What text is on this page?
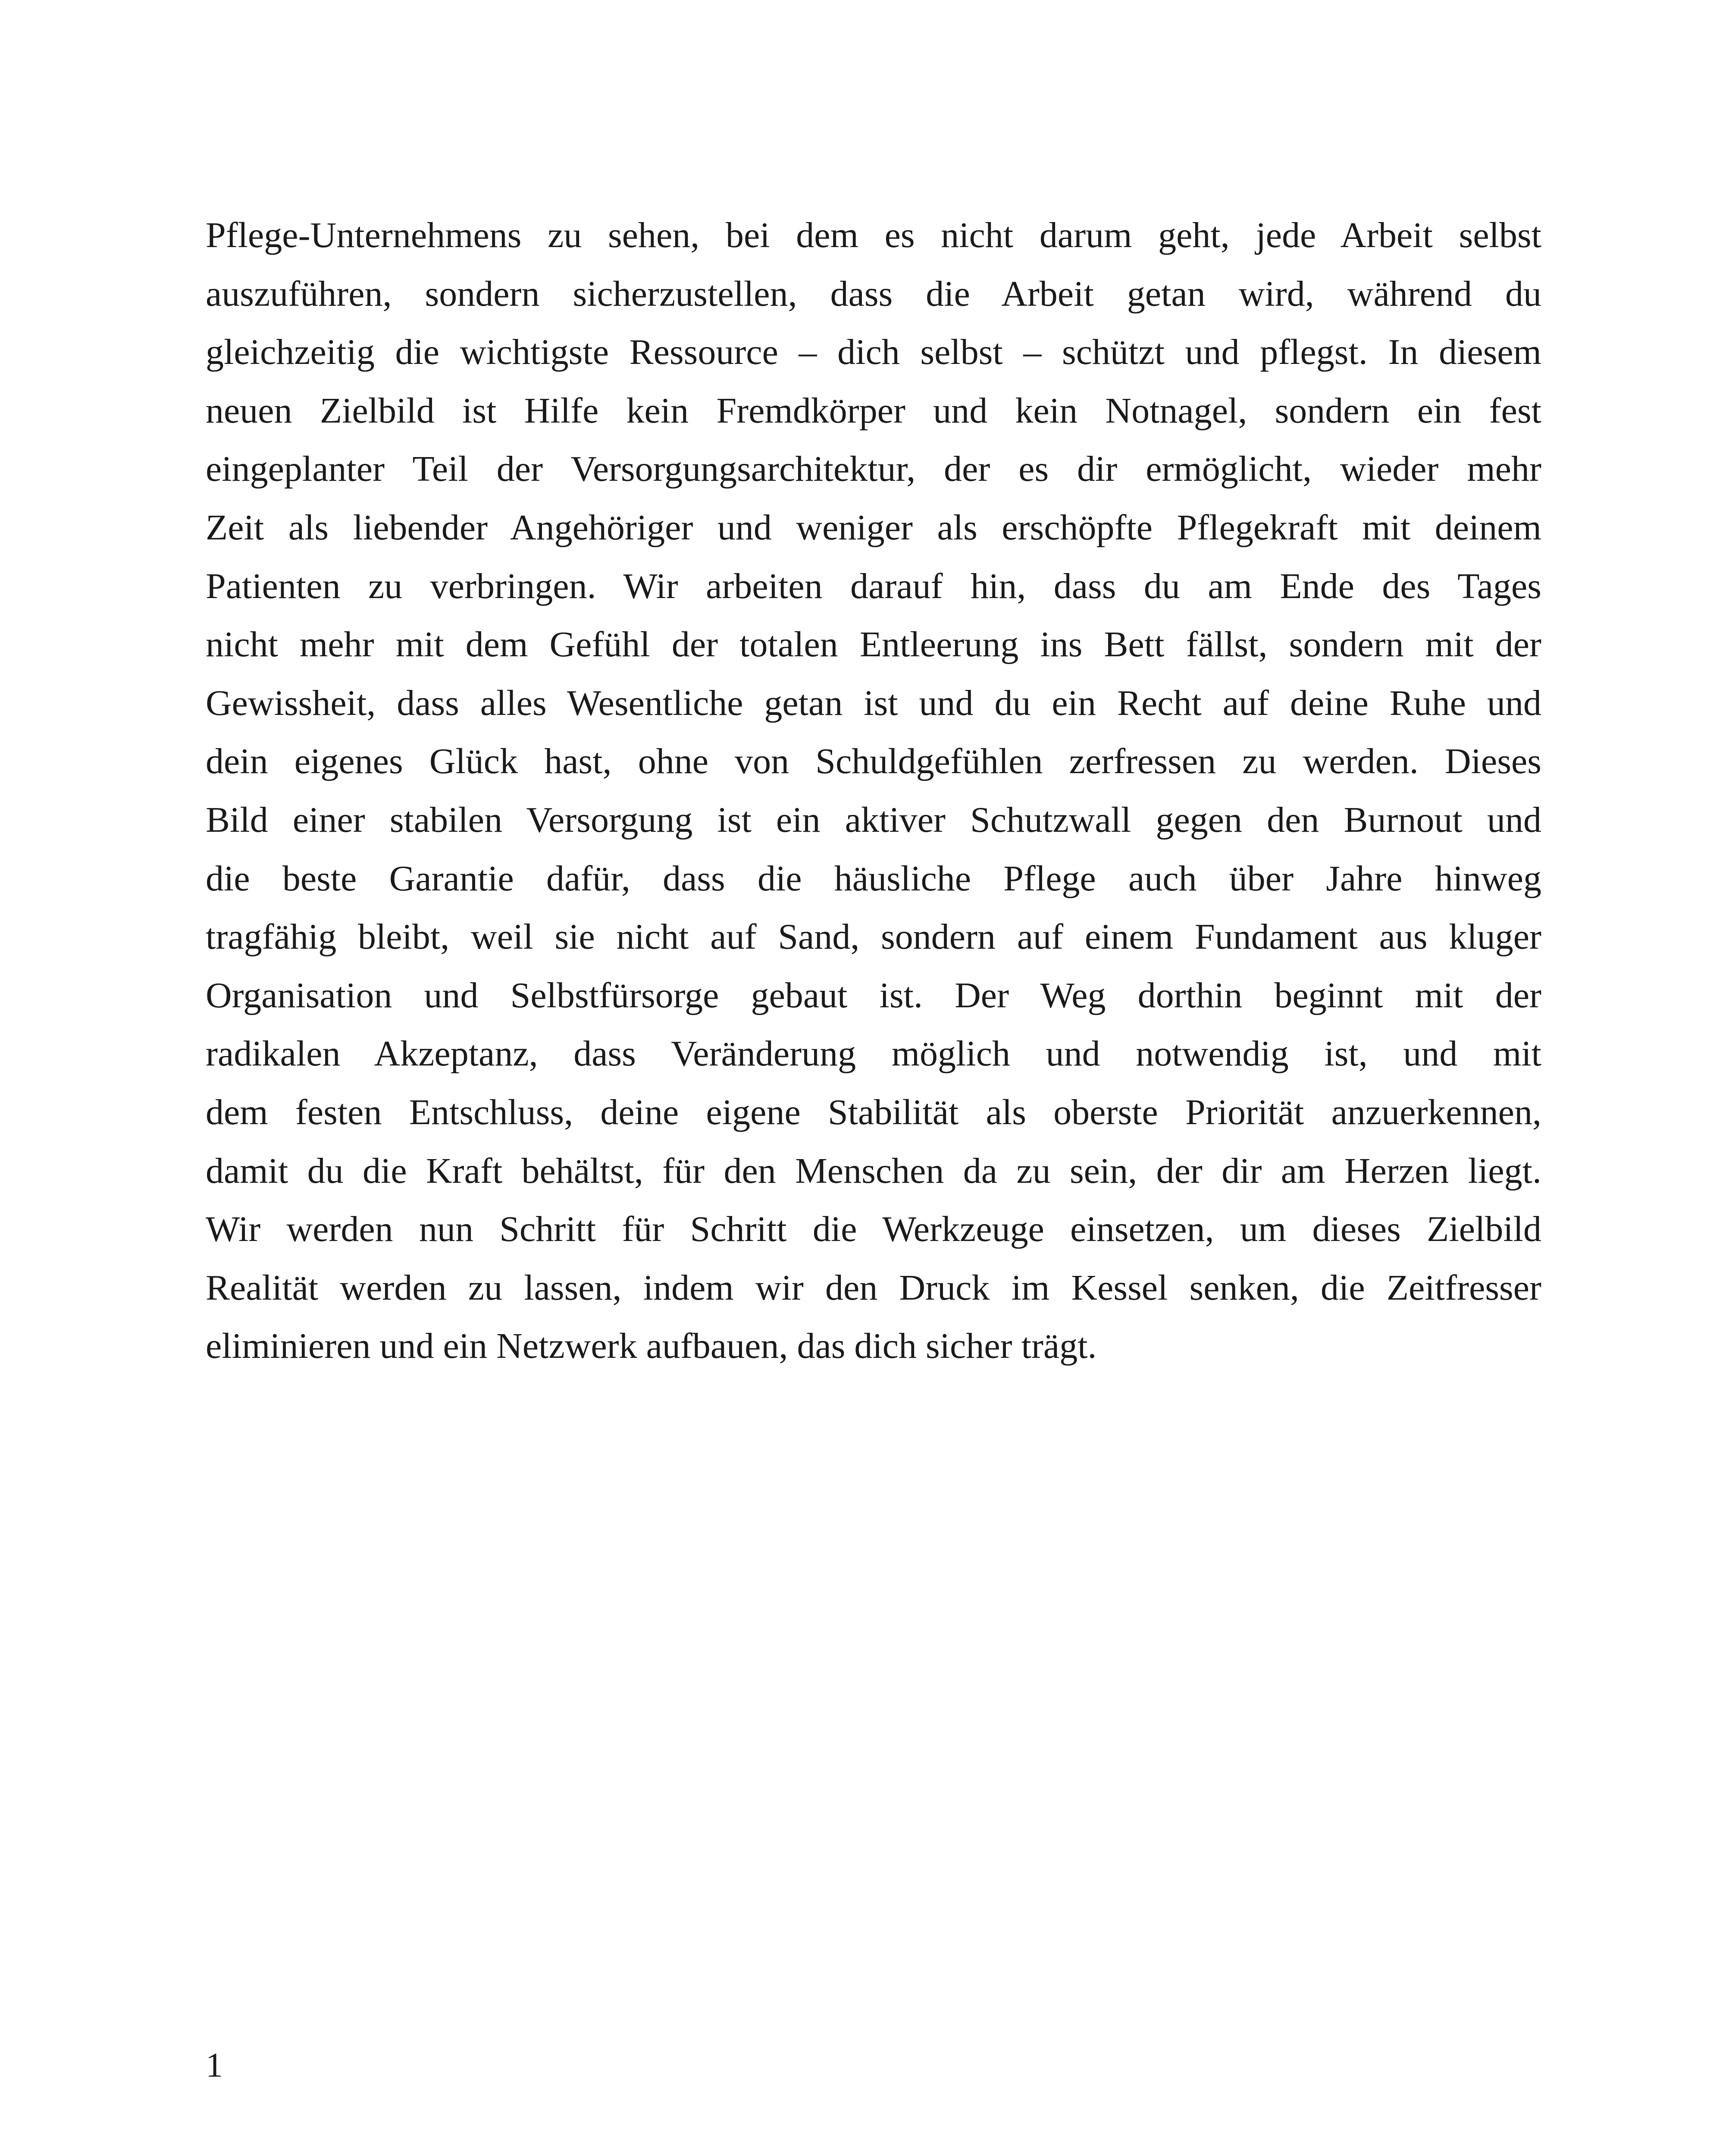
Pflege-Unternehmens zu sehen, bei dem es nicht darum geht, jede Arbeit selbst
auszuführen, sondern sicherzustellen, dass die Arbeit getan wird, während du
gleichzeitig die wichtigste Ressource – dich selbst – schützt und pflegst. In diesem
neuen Zielbild ist Hilfe kein Fremdkörper und kein Notnagel, sondern ein fest
eingeplanter Teil der Versorgungsarchitektur, der es dir ermöglicht, wieder mehr
Zeit als liebender Angehöriger und weniger als erschöpfte Pflegekraft mit deinem
Patienten zu verbringen. Wir arbeiten darauf hin, dass du am Ende des Tages
nicht mehr mit dem Gefühl der totalen Entleerung ins Bett fällst, sondern mit der
Gewissheit, dass alles Wesentliche getan ist und du ein Recht auf deine Ruhe und
dein eigenes Glück hast, ohne von Schuldgefühlen zerfressen zu werden. Dieses
Bild einer stabilen Versorgung ist ein aktiver Schutzwall gegen den Burnout und
die beste Garantie dafür, dass die häusliche Pflege auch über Jahre hinweg
tragfähig bleibt, weil sie nicht auf Sand, sondern auf einem Fundament aus kluger
Organisation und Selbstfürsorge gebaut ist. Der Weg dorthin beginnt mit der
radikalen Akzeptanz, dass Veränderung möglich und notwendig ist, und mit
dem festen Entschluss, deine eigene Stabilität als oberste Priorität anzuerkennen,
damit du die Kraft behältst, für den Menschen da zu sein, der dir am Herzen liegt.
Wir werden nun Schritt für Schritt die Werkzeuge einsetzen, um dieses Zielbild
Realität werden zu lassen, indem wir den Druck im Kessel senken, die Zeitfresser
eliminieren und ein Netzwerk aufbauen, das dich sicher trägt.
1
